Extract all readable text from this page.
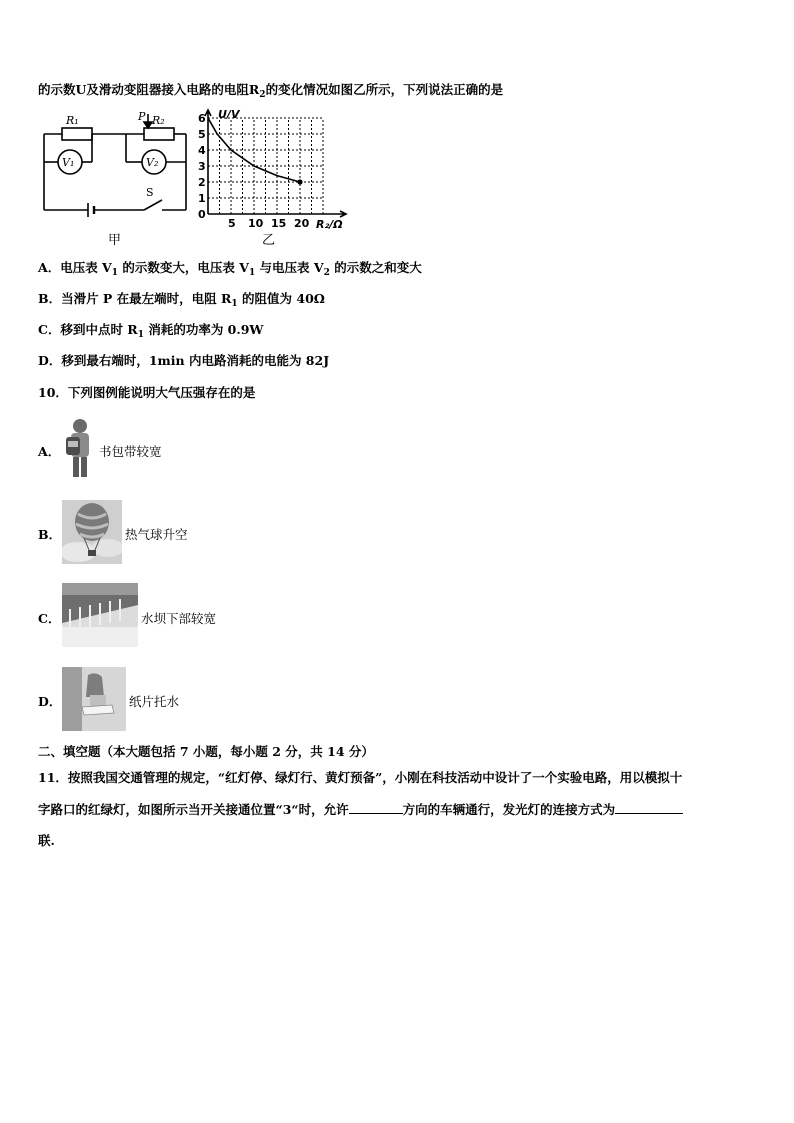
的示数U及滑动变阻器接入电路的电阻$R_2$的变化情况如图乙所示，下列说法正确的是
R₁	P R₂
V₁	V₂
S
甲
1
2
3
4
5
6
5 10 15 20
U/V
R₂/Ω
0
乙
A．电压表 $V_1$ 的示数变大，电压表 $V_1$ 与电压表 $V_2$ 的示数之和变大
B．当滑片 P 在最左端时，电阻 $R_1$ 的阻值为 40Ω
C．移到中点时 $R_1$ 消耗的功率为 0.9W
D．移到最右端时，1min 内电路消耗的电能为 82J
10．下列图例能说明大气压强存在的是
A．	书包带较宽
B．	热气球升空
C．	水坝下部较宽
D．	纸片托水
二、填空题（本大题包括 7 小题，每小题 2 分，共 14 分）
11．按照我国交通管理的规定，“红灯停、绿灯行、黄灯预备”，小刚在科技活动中设计了一个实验电路，用以模拟十
字路口的红绿灯，如图所示当开关接通位置“3“时，允许	方向的车辆通行，发光灯的连接方式为
联.
